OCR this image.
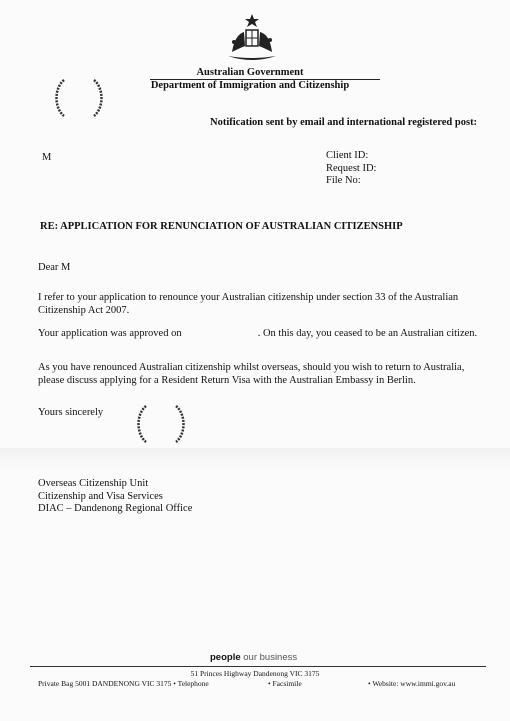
Australian Government
Department of Immigration and Citizenship
Notification sent by email and international registered post:
M	Client ID:
Request ID:
File No:
RE: APPLICATION FOR RENUNCIATION OF AUSTRALIAN CITIZENSHIP
Dear M
I refer to your application to renounce your Australian citizenship under section 33 of the Australian Citizenship Act 2007.
Your application was approved on                             . On this day, you ceased to be an Australian citizen.
As you have renounced Australian citizenship whilst overseas, should you wish to return to Australia, please discuss applying for a Resident Return Visa with the Australian Embassy in Berlin.
Yours sincerely
Overseas Citizenship Unit
Citizenship and Visa Services
DIAC – Dandenong Regional Office
people our business
51 Princes Highway Dandenong VIC 3175
Private Bag 5001 DANDENONG VIC 3175 • Telephone	• Facsimile	• Website: www.immi.gov.au
